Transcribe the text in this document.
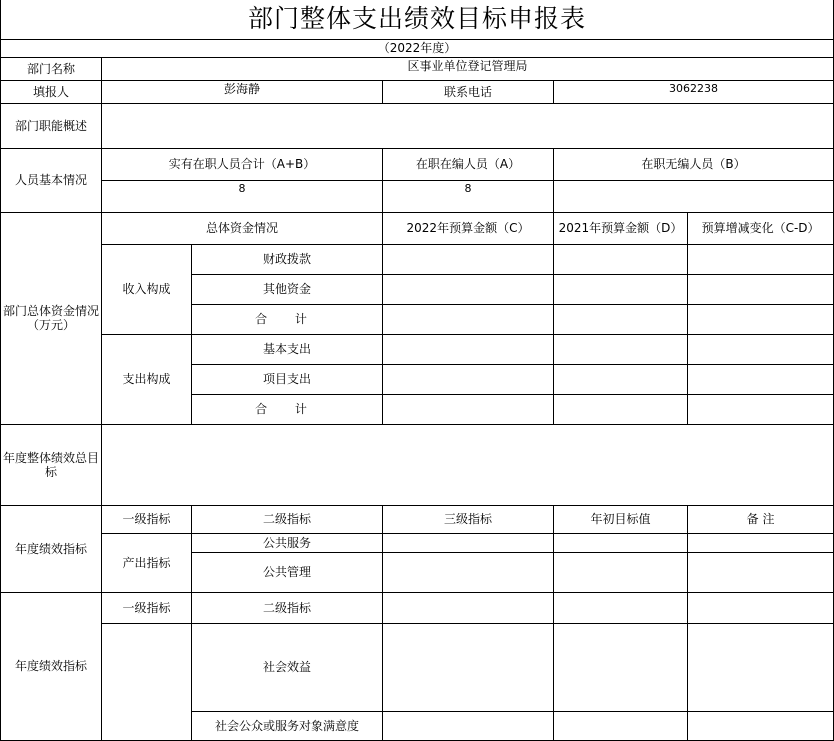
部门整体支出绩效目标申报表					
（2022年度）					
部门名称	区事业单位登记管理局				
填报人	彭海静		联系电话	3062238	
部门职能概述					
人员基本情况	实有在职人员合计（A+B）		在职在编人员（A）	在职无编人员（B）	
	8		8		
部门总体资金情况（万元）	总体资金情况		2022年预算金额（C）	2021年预算金额（D）	预算增减变化（C-D）
	收入构成	财政拨款			
		其他资金			
		合 计			
	支出构成	基本支出			
		项目支出			
		合 计			
年度整体绩效总目标					
年度绩效指标	一级指标	二级指标	三级指标	年初目标值	备 注
	产出指标	公共服务			
		公共管理			
年度绩效指标	一级指标	二级指标			
		社会效益			
		社会公众或服务对象满意度			
